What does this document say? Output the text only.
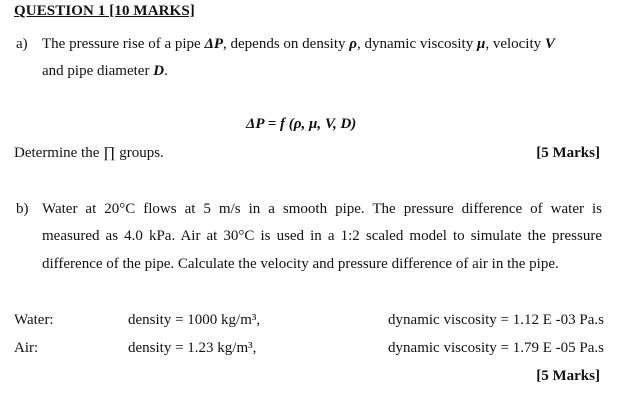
QUESTION 1 [10 MARKS]
a) The pressure rise of a pipe ΔP, depends on density ρ, dynamic viscosity μ, velocity V
and pipe diameter D.
ΔP = f (ρ, μ, V, D)
Determine the ∏ groups.	[5 Marks]
b) Water at 20°C flows at 5 m/s in a smooth pipe. The pressure difference of water is
measured as 4.0 kPa. Air at 30°C is used in a 1:2 scaled model to simulate the pressure
difference of the pipe. Calculate the velocity and pressure difference of air in the pipe.
Water:	density = 1000 kg/m³,	dynamic viscosity = 1.12 E -03 Pa.s
Air:	density = 1.23 kg/m³,	dynamic viscosity = 1.79 E -05 Pa.s
[5 Marks]
